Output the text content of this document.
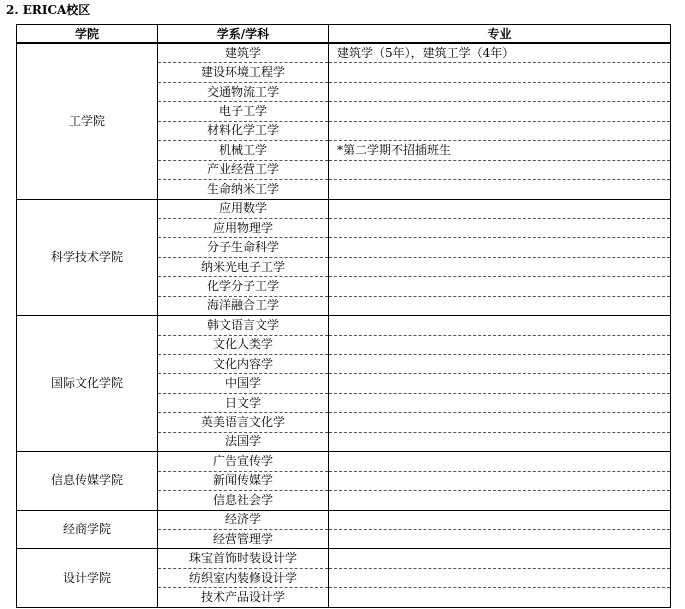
2. ERICA校区
学院	学系/学科	专业
工学院	建筑学	建筑学（5年），建筑工学（4年）
	建设环境工程学	
	交通物流工学	
	电子工学	
	材料化学工学	
	机械工学	*第二学期不招插班生
	产业经营工学	
	生命纳米工学	
科学技术学院	应用数学	
	应用物理学	
	分子生命科学	
	纳米光电子工学	
	化学分子工学	
	海洋融合工学	
国际文化学院	韩文语言文学	
	文化人类学	
	文化内容学	
	中国学	
	日文学	
	英美语言文化学	
	法国学	
信息传媒学院	广告宣传学	
	新闻传媒学	
	信息社会学	
经商学院	经济学	
	经营管理学	
设计学院	珠宝首饰时装设计学	
	纺织室内装修设计学	
	技术产品设计学	
